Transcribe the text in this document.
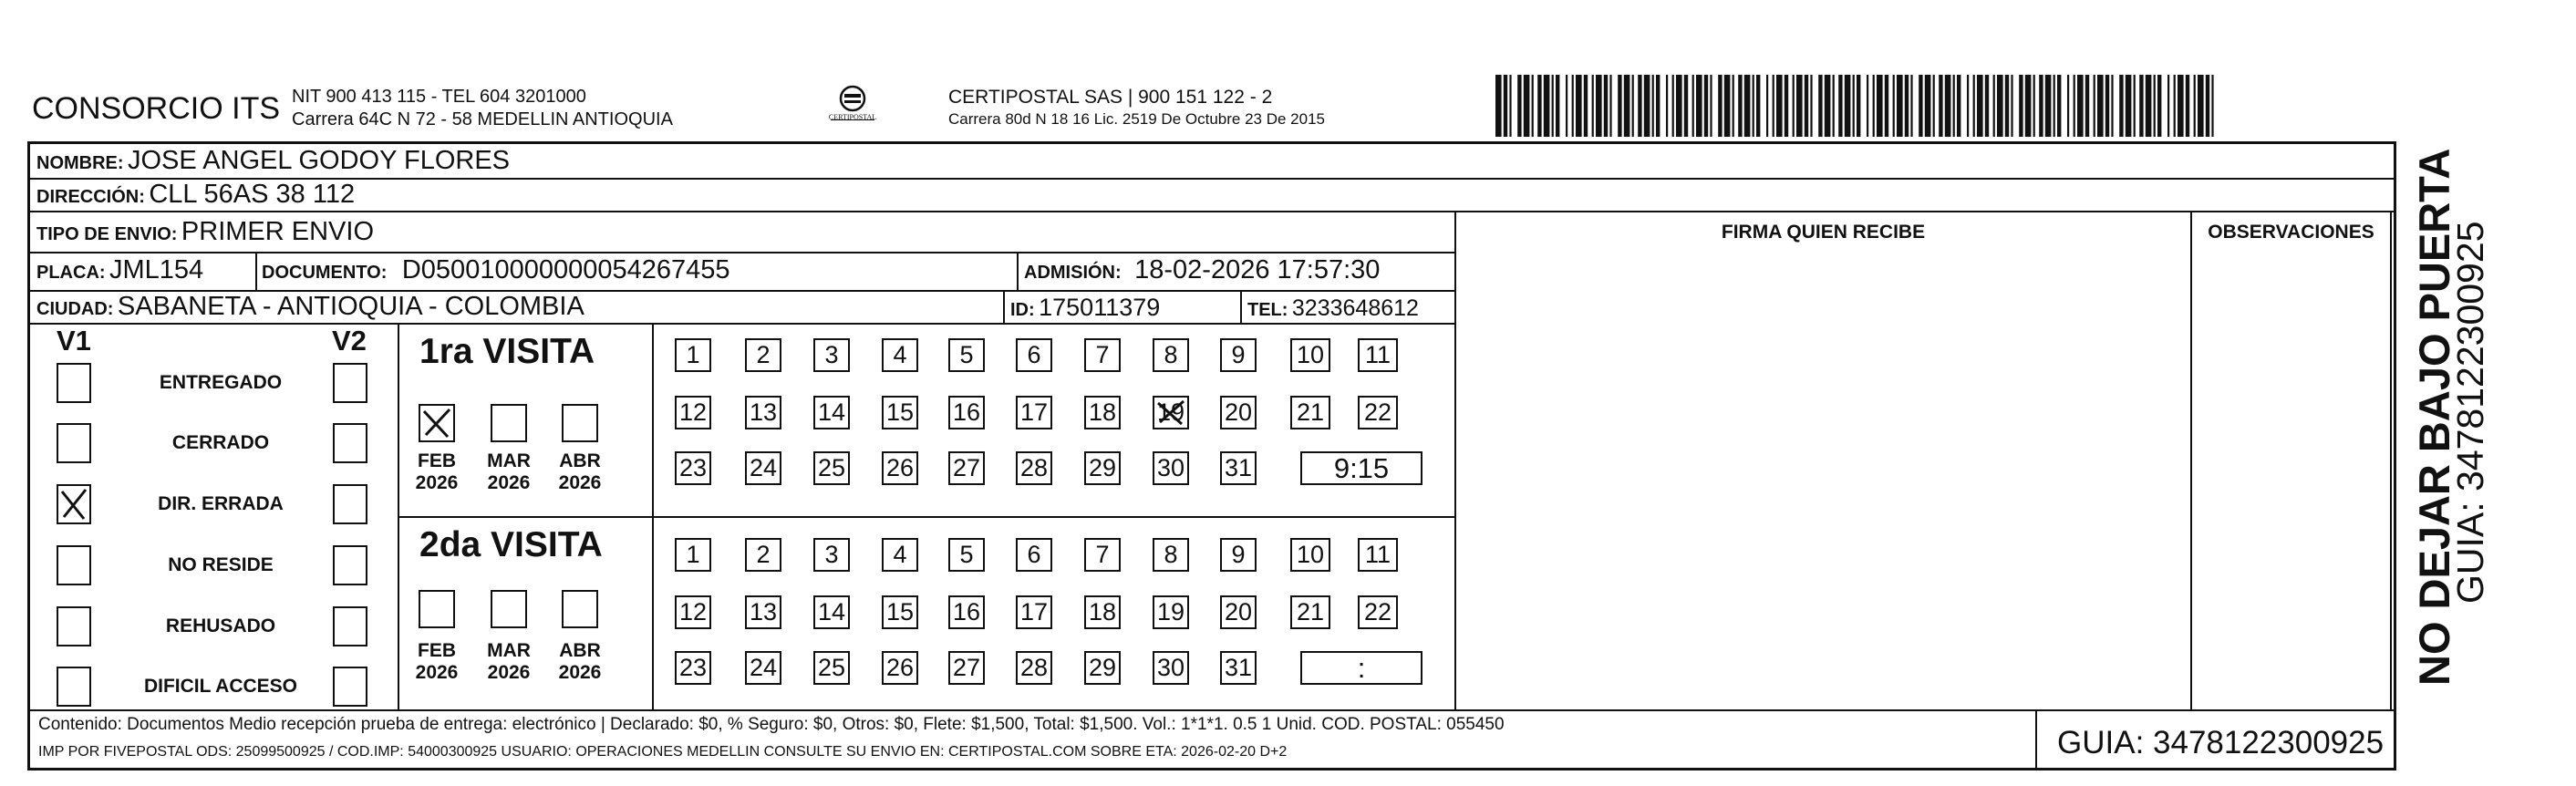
CONSORCIO ITS NIT 900 413 115 - TEL 604 3201000
Carrera 64C N 72 - 58 MEDELLIN ANTIOQUIA	CERTIPOSTAL
CERTIPOSTAL SAS | 900 151 122 - 2
Carrera 80d N 18 16 Lic. 2519 De Octubre 23 De 2015
FIRMA QUIEN RECIBE	OBSERVACIONES
NOMBRE: JOSE ANGEL GODOY FLORES
DIRECCIÓN: CLL 56AS 38 112
TIPO DE ENVIO: PRIMER ENVIO
PLACA: JML154	DOCUMENTO: D050010000000054267455	ADMISIÓN: 18-02-2026 17:57:30
CIUDAD: SABANETA - ANTIOQUIA - COLOMBIA	ID: 175011379	TEL: 3233648612
V1	V2
ENTREGADO
CERRADO
DIR. ERRADA
NO RESIDE
REHUSADO
DIFICIL ACCESO
1ra VISITA
2da VISITA
1	2	3	4	5	6	7	8	9	10 11
12 13 14 15 16 17 18 19 20 21 22
23 24 25 26 27 28 29 30 31	9:15
1	2	3	4	5	6	7	8	9	10 11
12 13 14 15 16 17 18 19 20 21 22
23 24 25 26 27 28 29 30 31	:
FEB
2026
MAR
2026
ABR
2026
FEB
2026
MAR
2026
ABR
2026
Contenido: Documentos Medio recepción prueba de entrega: electrónico | Declarado: $0, % Seguro: $0, Otros: $0, Flete: $1,500, Total: $1,500. Vol.: 1*1*1. 0.5 1 Unid. COD. POSTAL: 055450
IMP POR FIVEPOSTAL ODS: 25099500925 / COD.IMP: 54000300925 USUARIO: OPERACIONES MEDELLIN CONSULTE SU ENVIO EN: CERTIPOSTAL.COM SOBRE ETA: 2026-02-20 D+2	GUIA: 3478122300925
NO DEJAR BAJO PUERTA
GUIA: 3478122300925
